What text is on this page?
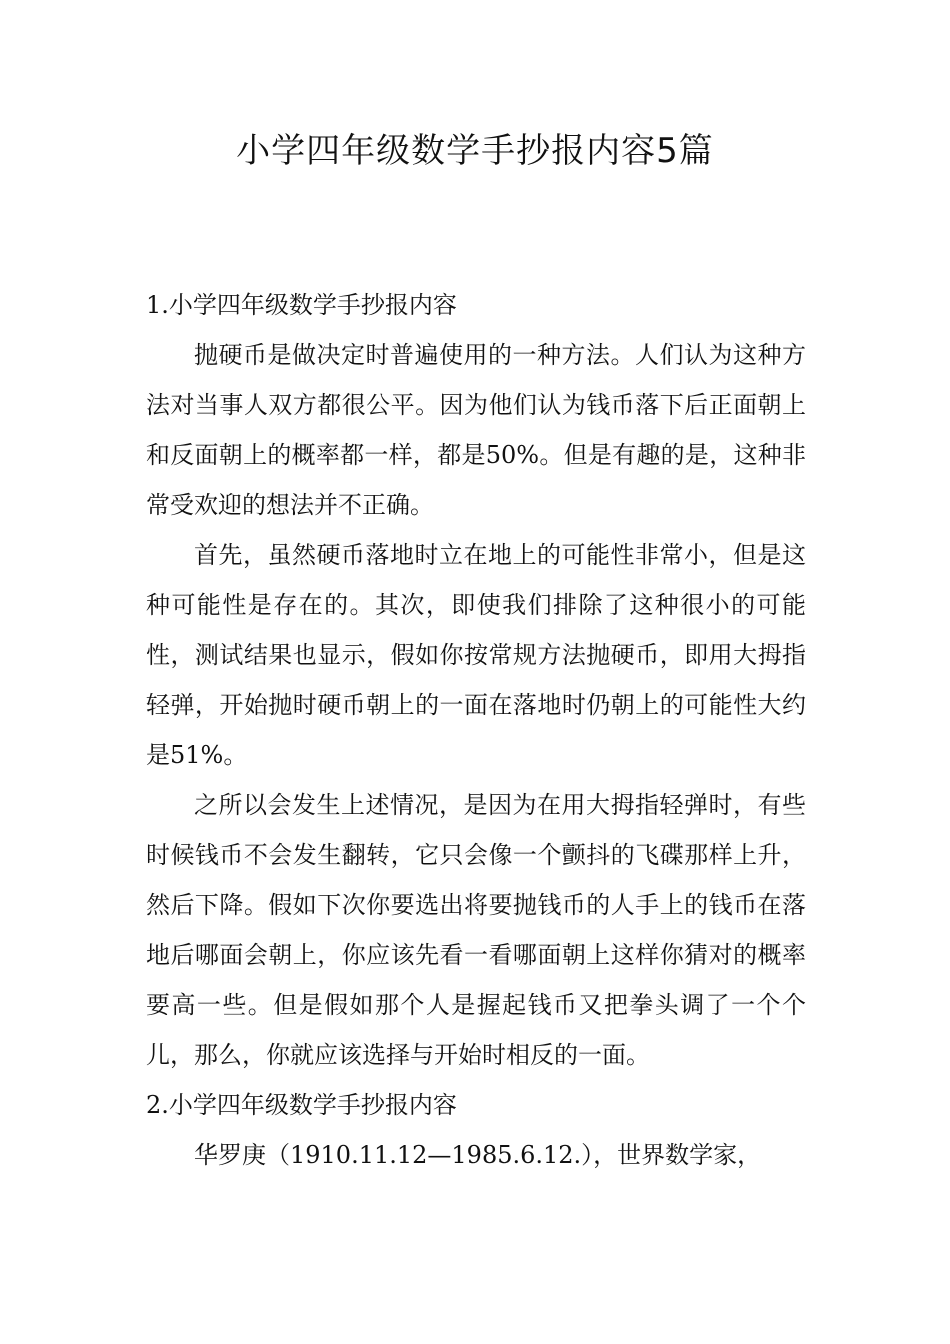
小学四年级数学手抄报内容5篇
1.小学四年级数学手抄报内容

抛硬币是做决定时普遍使用的一种方法。人们认为这种方法对当事人双方都很公平。因为他们认为钱币落下后正面朝上和反面朝上的概率都一样，都是50%。但是有趣的是，这种非常受欢迎的想法并不正确。

首先，虽然硬币落地时立在地上的可能性非常小，但是这种可能性是存在的。其次，即使我们排除了这种很小的可能性，测试结果也显示，假如你按常规方法抛硬币，即用大拇指轻弹，开始抛时硬币朝上的一面在落地时仍朝上的可能性大约是51%。

之所以会发生上述情况，是因为在用大拇指轻弹时，有些时候钱币不会发生翻转，它只会像一个颤抖的飞碟那样上升，然后下降。假如下次你要选出将要抛钱币的人手上的钱币在落地后哪面会朝上，你应该先看一看哪面朝上这样你猜对的概率要高一些。但是假如那个人是握起钱币又把拳头调了一个个儿，那么，你就应该选择与开始时相反的一面。

2.小学四年级数学手抄报内容

华罗庚（1910.11.12—1985.6.12.），世界数学家，
